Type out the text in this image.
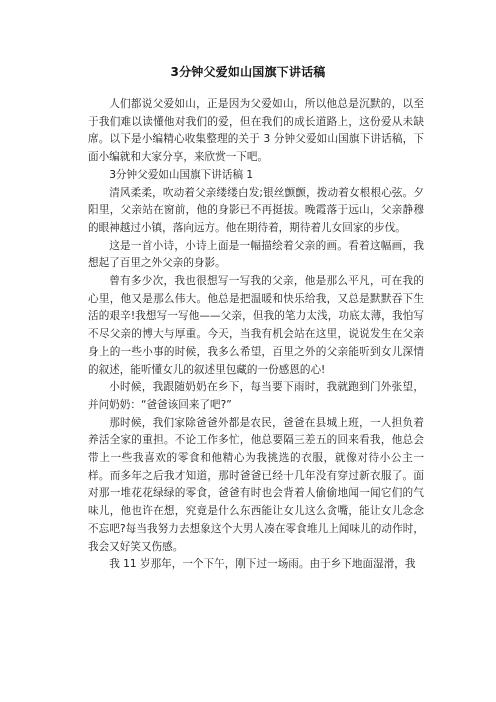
3分钟父爱如山国旗下讲话稿

人们都说父爱如山，正是因为父爱如山，所以他总是沉默的，以至于我们难以读懂他对我们的爱，但在我们的成长道路上，这份爱从未缺席。以下是小编精心收集整理的关于 3 分钟父爱如山国旗下讲话稿，下面小编就和大家分享，来欣赏一下吧。

3分钟父爱如山国旗下讲话稿 1

清风柔柔，吹动着父亲缕缕白发;银丝颤颤，拨动着女根根心弦。夕阳里，父亲站在窗前，他的身影已不再挺拔。晚霞落于远山，父亲静穆的眼神越过小镇，落向远方。他在期待着，期待着儿女回家的步伐。

这是一首小诗，小诗上面是一幅描绘着父亲的画。看着这幅画，我想起了百里之外父亲的身影。

曾有多少次，我也很想写一写我的父亲，他是那么平凡，可在我的心里，他又是那么伟大。他总是把温暖和快乐给我，又总是默默吞下生活的艰辛!我想写一写他——父亲，但我的笔力太浅，功底太薄，我怕写不尽父亲的博大与厚重。今天，当我有机会站在这里，说说发生在父亲身上的一些小事的时候，我多么希望，百里之外的父亲能听到女儿深情的叙述，能听懂女儿的叙述里包藏的一份感恩的心!

小时候，我跟随奶奶在乡下，每当要下雨时，我就跑到门外张望，并问奶奶：“爸爸该回来了吧?”

那时候，我们家除爸爸外都是农民，爸爸在县城上班，一人担负着养活全家的重担。不论工作多忙，他总要隔三差五的回来看我，他总会带上一些我喜欢的零食和他精心为我挑选的衣服，就像对待小公主一样。而多年之后我才知道，那时爸爸已经十几年没有穿过新衣服了。面对那一堆花花绿绿的零食，爸爸有时也会背着人偷偷地闻一闻它们的气味儿，他也许在想，究竟是什么东西能让女儿这么贪嘴，能让女儿念念不忘吧?每当我努力去想象这个大男人凑在零食堆儿上闻味儿的动作时，我会又好笑又伤感。

我 11 岁那年，一个下午，刚下过一场雨。由于乡下地面湿滑，我
